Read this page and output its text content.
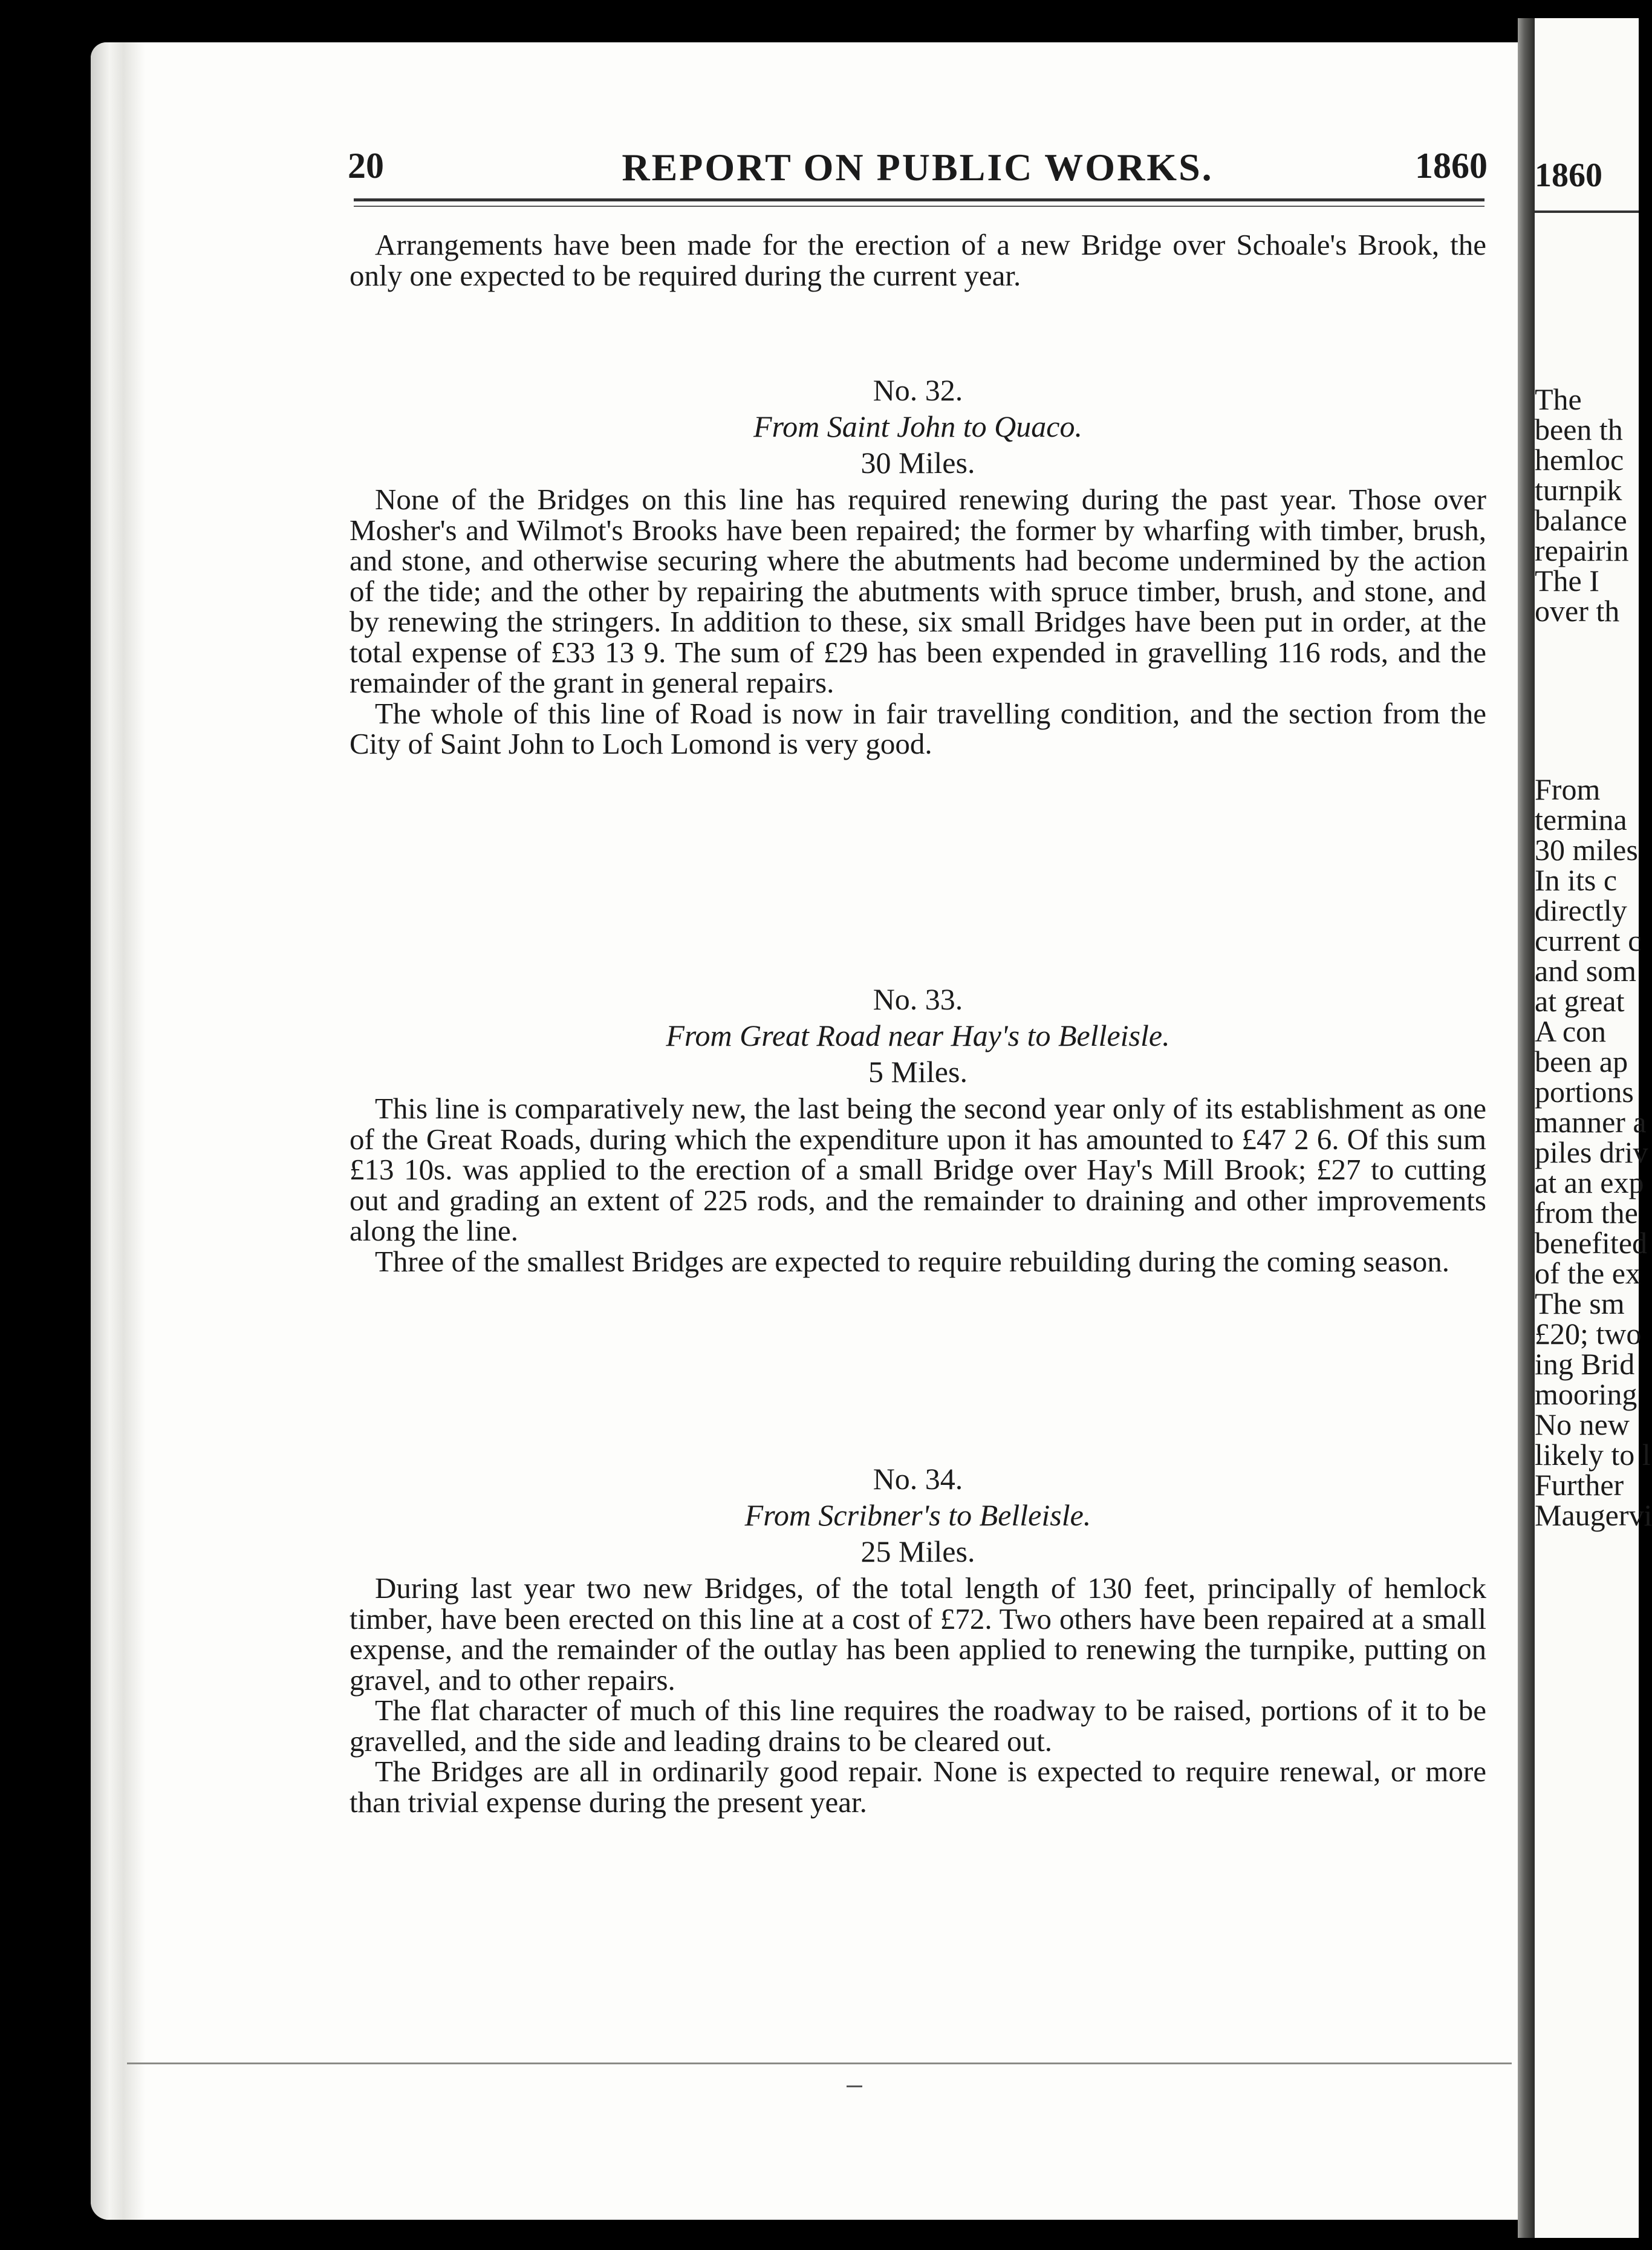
20	REPORT ON PUBLIC WORKS.	1860

Arrangements have been made for the erection of a new Bridge over Schoale's Brook, the only one expected to be required during the current year.

No. 32.

From Saint John to Quaco.

30 Miles.

None of the Bridges on this line has required renewing during the past year. Those over Mosher's and Wilmot's Brooks have been repaired; the former by wharfing with timber, brush, and stone, and otherwise securing where the abutments had become undermined by the action of the tide; and the other by repairing the abutments with spruce timber, brush, and stone, and by renewing the stringers. In addition to these, six small Bridges have been put in order, at the total expense of £33 13 9. The sum of £29 has been expended in gravelling 116 rods, and the remainder of the grant in general repairs.

The whole of this line of Road is now in fair travelling condition, and the section from the City of Saint John to Loch Lomond is very good.

No. 33.

From Great Road near Hay's to Belleisle.

5 Miles.

This line is comparatively new, the last being the second year only of its establishment as one of the Great Roads, during which the expenditure upon it has amounted to £47 2 6. Of this sum £13 10s. was applied to the erection of a small Bridge over Hay's Mill Brook; £27 to cutting out and grading an extent of 225 rods, and the remainder to draining and other improvements along the line.

Three of the smallest Bridges are expected to require rebuilding during the coming season.

No. 34.

From Scribner's to Belleisle.

25 Miles.

During last year two new Bridges, of the total length of 130 feet, principally of hemlock timber, have been erected on this line at a cost of £72. Two others have been repaired at a small expense, and the remainder of the outlay has been applied to renewing the turnpike, putting on gravel, and to other repairs.

The flat character of much of this line requires the roadway to be raised, portions of it to be gravelled, and the side and leading drains to be cleared out.

The Bridges are all in ordinarily good repair. None is expected to require renewal, or more than trivial expense during the present year.

1860
The
been th
hemloc
turnpik
balance
repairin
The I
over th
From
termina
30 miles
In its c
directly
current c
and som
at great
A con
been ap
portions
manner a
piles driv
at an exp
from the
benefited
of the ex
The sm
£20; two
ing Brid
mooring
No new
likely to l
Further
Maugervi
